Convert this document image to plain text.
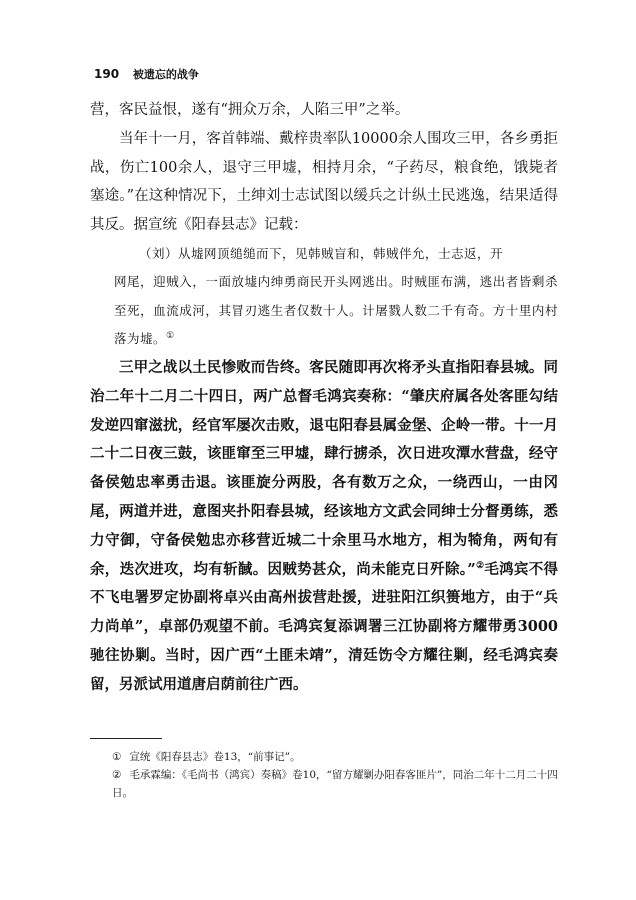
190 被遗忘的战争

营，客民益恨，遂有“拥众万余，人陷三甲”之举。

当年十一月，客首韩端、戴梓贵率队10000余人围攻三甲，各乡勇拒战，伤亡100余人，退守三甲墟，相持月余，“子药尽，粮食绝，饿毙者塞途。”在这种情况下，土绅刘士志试图以缓兵之计纵土民逃逸，结果适得其反。据宣统《阳春县志》记载：

（刘）从墟网顶缒缒而下，见韩贼盲和，韩贼伴允，士志返，开

网尾，迎贼入，一面放墟内绅勇商民开头网逃出。时贼匪布满，逃出者皆剩杀至死，血流成河，其冒刃逃生者仅数十人。计屠戮人数二千有奇。方十里内村落为墟。①

三甲之战以土民惨败而告终。客民随即再次将矛头直指阳春县城。同治二年十二月二十四日，两广总督毛鸿宾奏称：“肇庆府属各处客匪勾结发逆四窜滋扰，经官军屡次击败，退屯阳春县属金堡、企岭一带。十一月二十二日夜三鼓，该匪窜至三甲墟，肆行掳杀，次日进攻潭水营盘，经守备侯勉忠率勇击退。该匪旋分两股，各有数万之众，一绕西山，一由冈尾，两道并进，意图夹扑阳春县城，经该地方文武会同绅士分督勇练，悉力守御，守备侯勉忠亦移营近城二十余里马水地方，相为犄角，两旬有余，迭次进攻，均有斩馘。因贼势甚众，尚未能克日歼除。”②毛鸿宾不得不飞电署罗定协副将卓兴由高州拔营赴援，进驻阳江织篑地方，由于“兵力尚单”，卓部仍观望不前。毛鸿宾复添调署三江协副将方耀带勇3000驰往协剿。当时，因广西“土匪未靖”，清廷饬令方耀往剿，经毛鸿宾奏留，另派试用道唐启荫前往广西。

① 宣统《阳春县志》卷13，“前事记”。

② 毛承霖编：《毛尚书（鸿宾）奏稿》卷10，“留方耀剿办阳春客匪片”，同治二年十二月二十四日。
